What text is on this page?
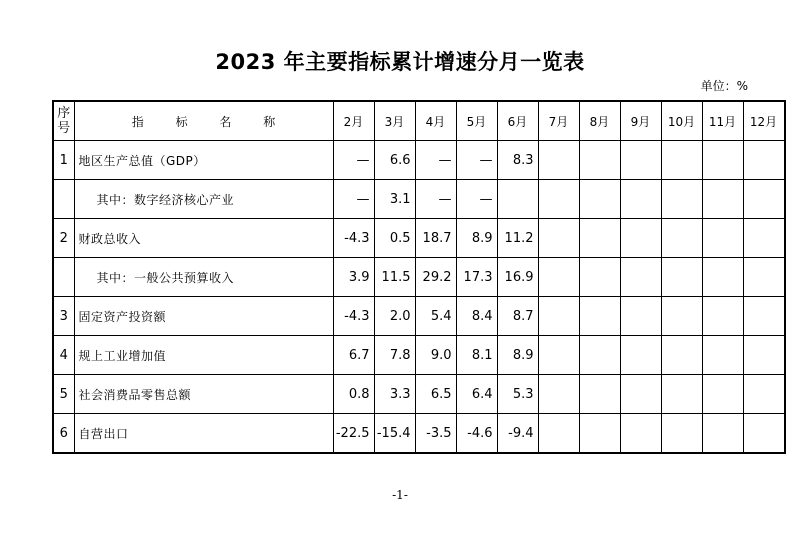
2023 年主要指标累计增速分月一览表
单位：%
序号	指 标 名 称	2月	3月	4月	5月	6月	7月	8月	9月	10月	11月	12月
1	地区生产总值（GDP）	—	6.6	—	—	8.3						
	其中：数字经济核心产业	—	3.1	—	—							
2	财政总收入	-4.3	0.5	18.7	8.9	11.2						
	其中：一般公共预算收入	3.9	11.5	29.2	17.3	16.9						
3	固定资产投资额	-4.3	2.0	5.4	8.4	8.7						
4	规上工业增加值	6.7	7.8	9.0	8.1	8.9						
5	社会消费品零售总额	0.8	3.3	6.5	6.4	5.3						
6	自营出口	-22.5	-15.4	-3.5	-4.6	-9.4						
-1-
